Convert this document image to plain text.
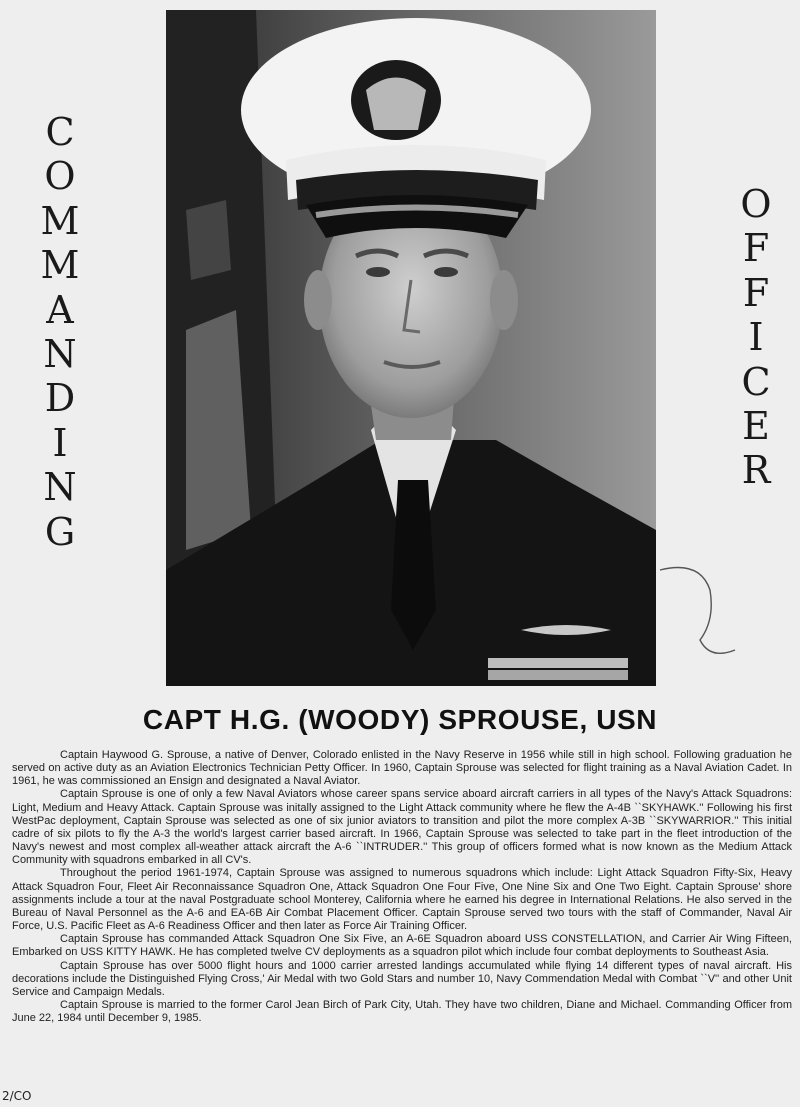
C
O
M
M
A
N
D
I
N
G
O
F
F
I
C
E
R
CAPT H.G. (WOODY) SPROUSE, USN

Captain Haywood G. Sprouse, a native of Denver, Colorado enlisted in the Navy Reserve in 1956 while still in high school. Following graduation he served on active duty as an Aviation Electronics Technician Petty Officer. In 1960, Captain Sprouse was selected for flight training as a Naval Aviation Cadet. In 1961, he was commissioned an Ensign and designated a Naval Aviator.

Captain Sprouse is one of only a few Naval Aviators whose career spans service aboard aircraft carriers in all types of the Navy's Attack Squadrons: Light, Medium and Heavy Attack. Captain Sprouse was initally assigned to the Light Attack community where he flew the A-4B ``SKYHAWK.'' Following his first WestPac deployment, Captain Sprouse was selected as one of six junior aviators to transition and pilot the more complex A-3B ``SKYWARRIOR.'' This initial cadre of six pilots to fly the A-3 the world's largest carrier based aircraft. In 1966, Captain Sprouse was selected to take part in the fleet introduction of the Navy's newest and most complex all-weather attack aircraft the A-6 ``INTRUDER.'' This group of officers formed what is now known as the Medium Attack Community with squadrons embarked in all CV's.

Throughout the period 1961-1974, Captain Sprouse was assigned to numerous squadrons which include: Light Attack Squadron Fifty-Six, Heavy Attack Squadron Four, Fleet Air Reconnaissance Squadron One, Attack Squadron One Four Five, One Nine Six and One Two Eight. Captain Sprouse' shore assignments include a tour at the naval Postgraduate school Monterey, California where he earned his degree in International Relations. He also served in the Bureau of Naval Personnel as the A-6 and EA-6B Air Combat Placement Officer. Captain Sprouse served two tours with the staff of Commander, Naval Air Force, U.S. Pacific Fleet as A-6 Readiness Officer and then later as Force Air Training Officer.

Captain Sprouse has commanded Attack Squadron One Six Five, an A-6E Squadron aboard USS CONSTELLATION, and Carrier Air Wing Fifteen, Embarked on USS KITTY HAWK. He has completed twelve CV deployments as a squadron pilot which include four combat deployments to Southeast Asia.

Captain Sprouse has over 5000 flight hours and 1000 carrier arrested landings accumulated while flying 14 different types of naval aircraft. His decorations include the Distinguished Flying Cross,' Air Medal with two Gold Stars and number 10, Navy Commendation Medal with Combat ``V'' and other Unit Service and Campaign Medals.

Captain Sprouse is married to the former Carol Jean Birch of Park City, Utah. They have two children, Diane and Michael. Commanding Officer from June 22, 1984 until December 9, 1985.

2/CO
